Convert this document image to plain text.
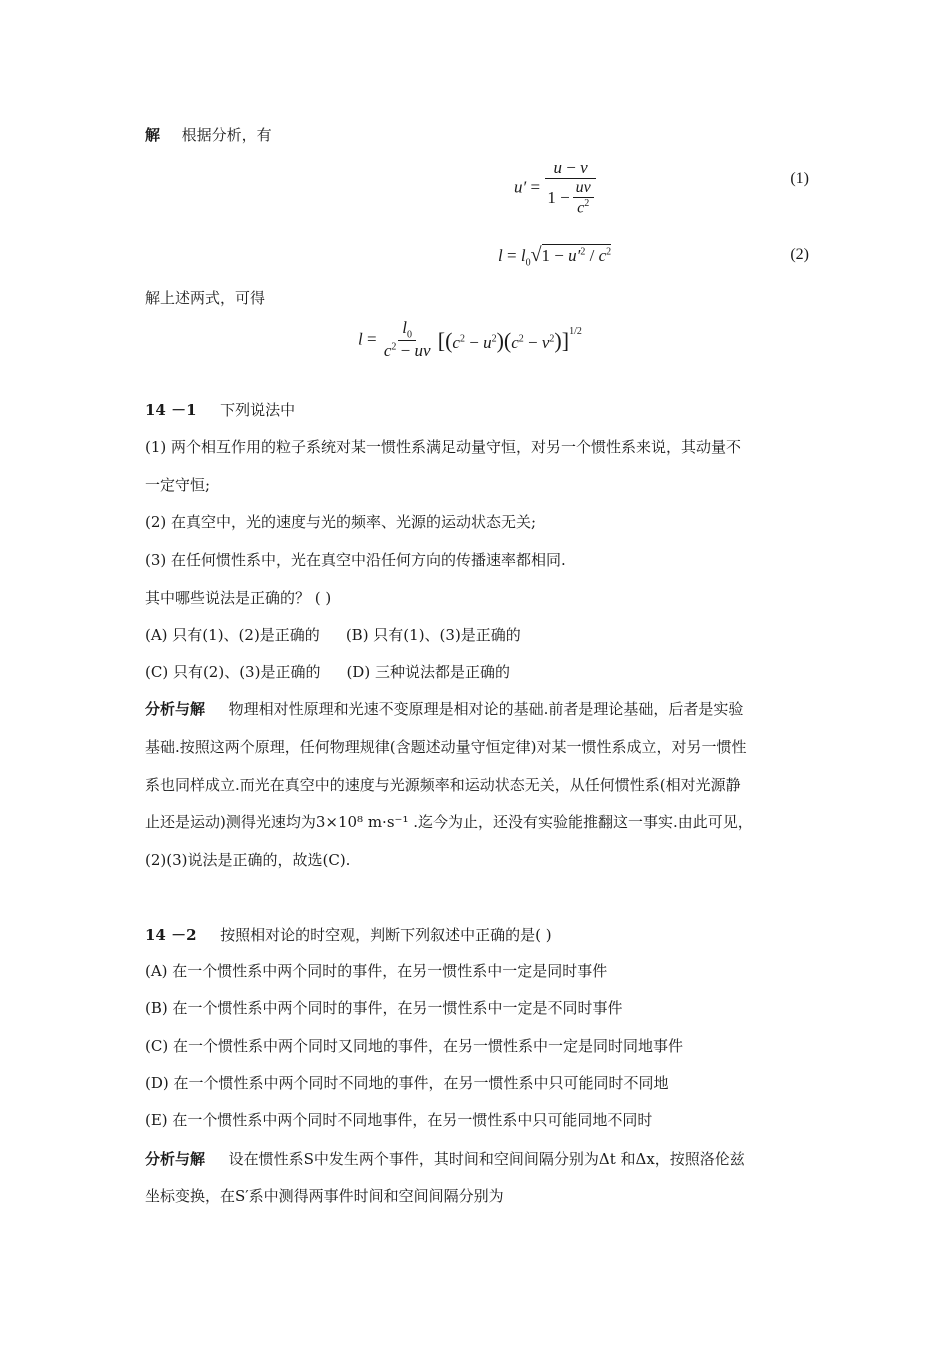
解 根据分析，有
$u' = \frac{u - v}{1 - \frac{uv}{c^2}}$	(1)
$l = l_0√1 - u'^2 / c^2$	(2)
解上述两式，可得
$l = \frac{l_0}{c^2 - uv} [(c^2 - u^2)(c^2 - v^2)]^{1/2}$
14 －1 下列说法中
(1) 两个相互作用的粒子系统对某一惯性系满足动量守恒，对另一个惯性系来说，其动量不
一定守恒;
(2) 在真空中，光的速度与光的频率、光源的运动状态无关;
(3) 在任何惯性系中，光在真空中沿任何方向的传播速率都相同.
其中哪些说法是正确的？ ( )
(A) 只有(1)、(2)是正确的 (B) 只有(1)、(3)是正确的
(C) 只有(2)、(3)是正确的 (D) 三种说法都是正确的
分析与解 物理相对性原理和光速不变原理是相对论的基础.前者是理论基础，后者是实验
基础.按照这两个原理，任何物理规律(含题述动量守恒定律)对某一惯性系成立，对另一惯性
系也同样成立.而光在真空中的速度与光源频率和运动状态无关，从任何惯性系(相对光源静
止还是运动)测得光速均为3×10⁸ m·s⁻¹ .迄今为止，还没有实验能推翻这一事实.由此可见，
(2)(3)说法是正确的，故选(C).
14 －2 按照相对论的时空观，判断下列叙述中正确的是( )
(A) 在一个惯性系中两个同时的事件，在另一惯性系中一定是同时事件
(B) 在一个惯性系中两个同时的事件，在另一惯性系中一定是不同时事件
(C) 在一个惯性系中两个同时又同地的事件，在另一惯性系中一定是同时同地事件
(D) 在一个惯性系中两个同时不同地的事件，在另一惯性系中只可能同时不同地
(E) 在一个惯性系中两个同时不同地事件，在另一惯性系中只可能同地不同时
分析与解 设在惯性系S中发生两个事件，其时间和空间间隔分别为Δt 和Δx，按照洛伦兹
坐标变换，在S′系中测得两事件时间和空间间隔分别为
